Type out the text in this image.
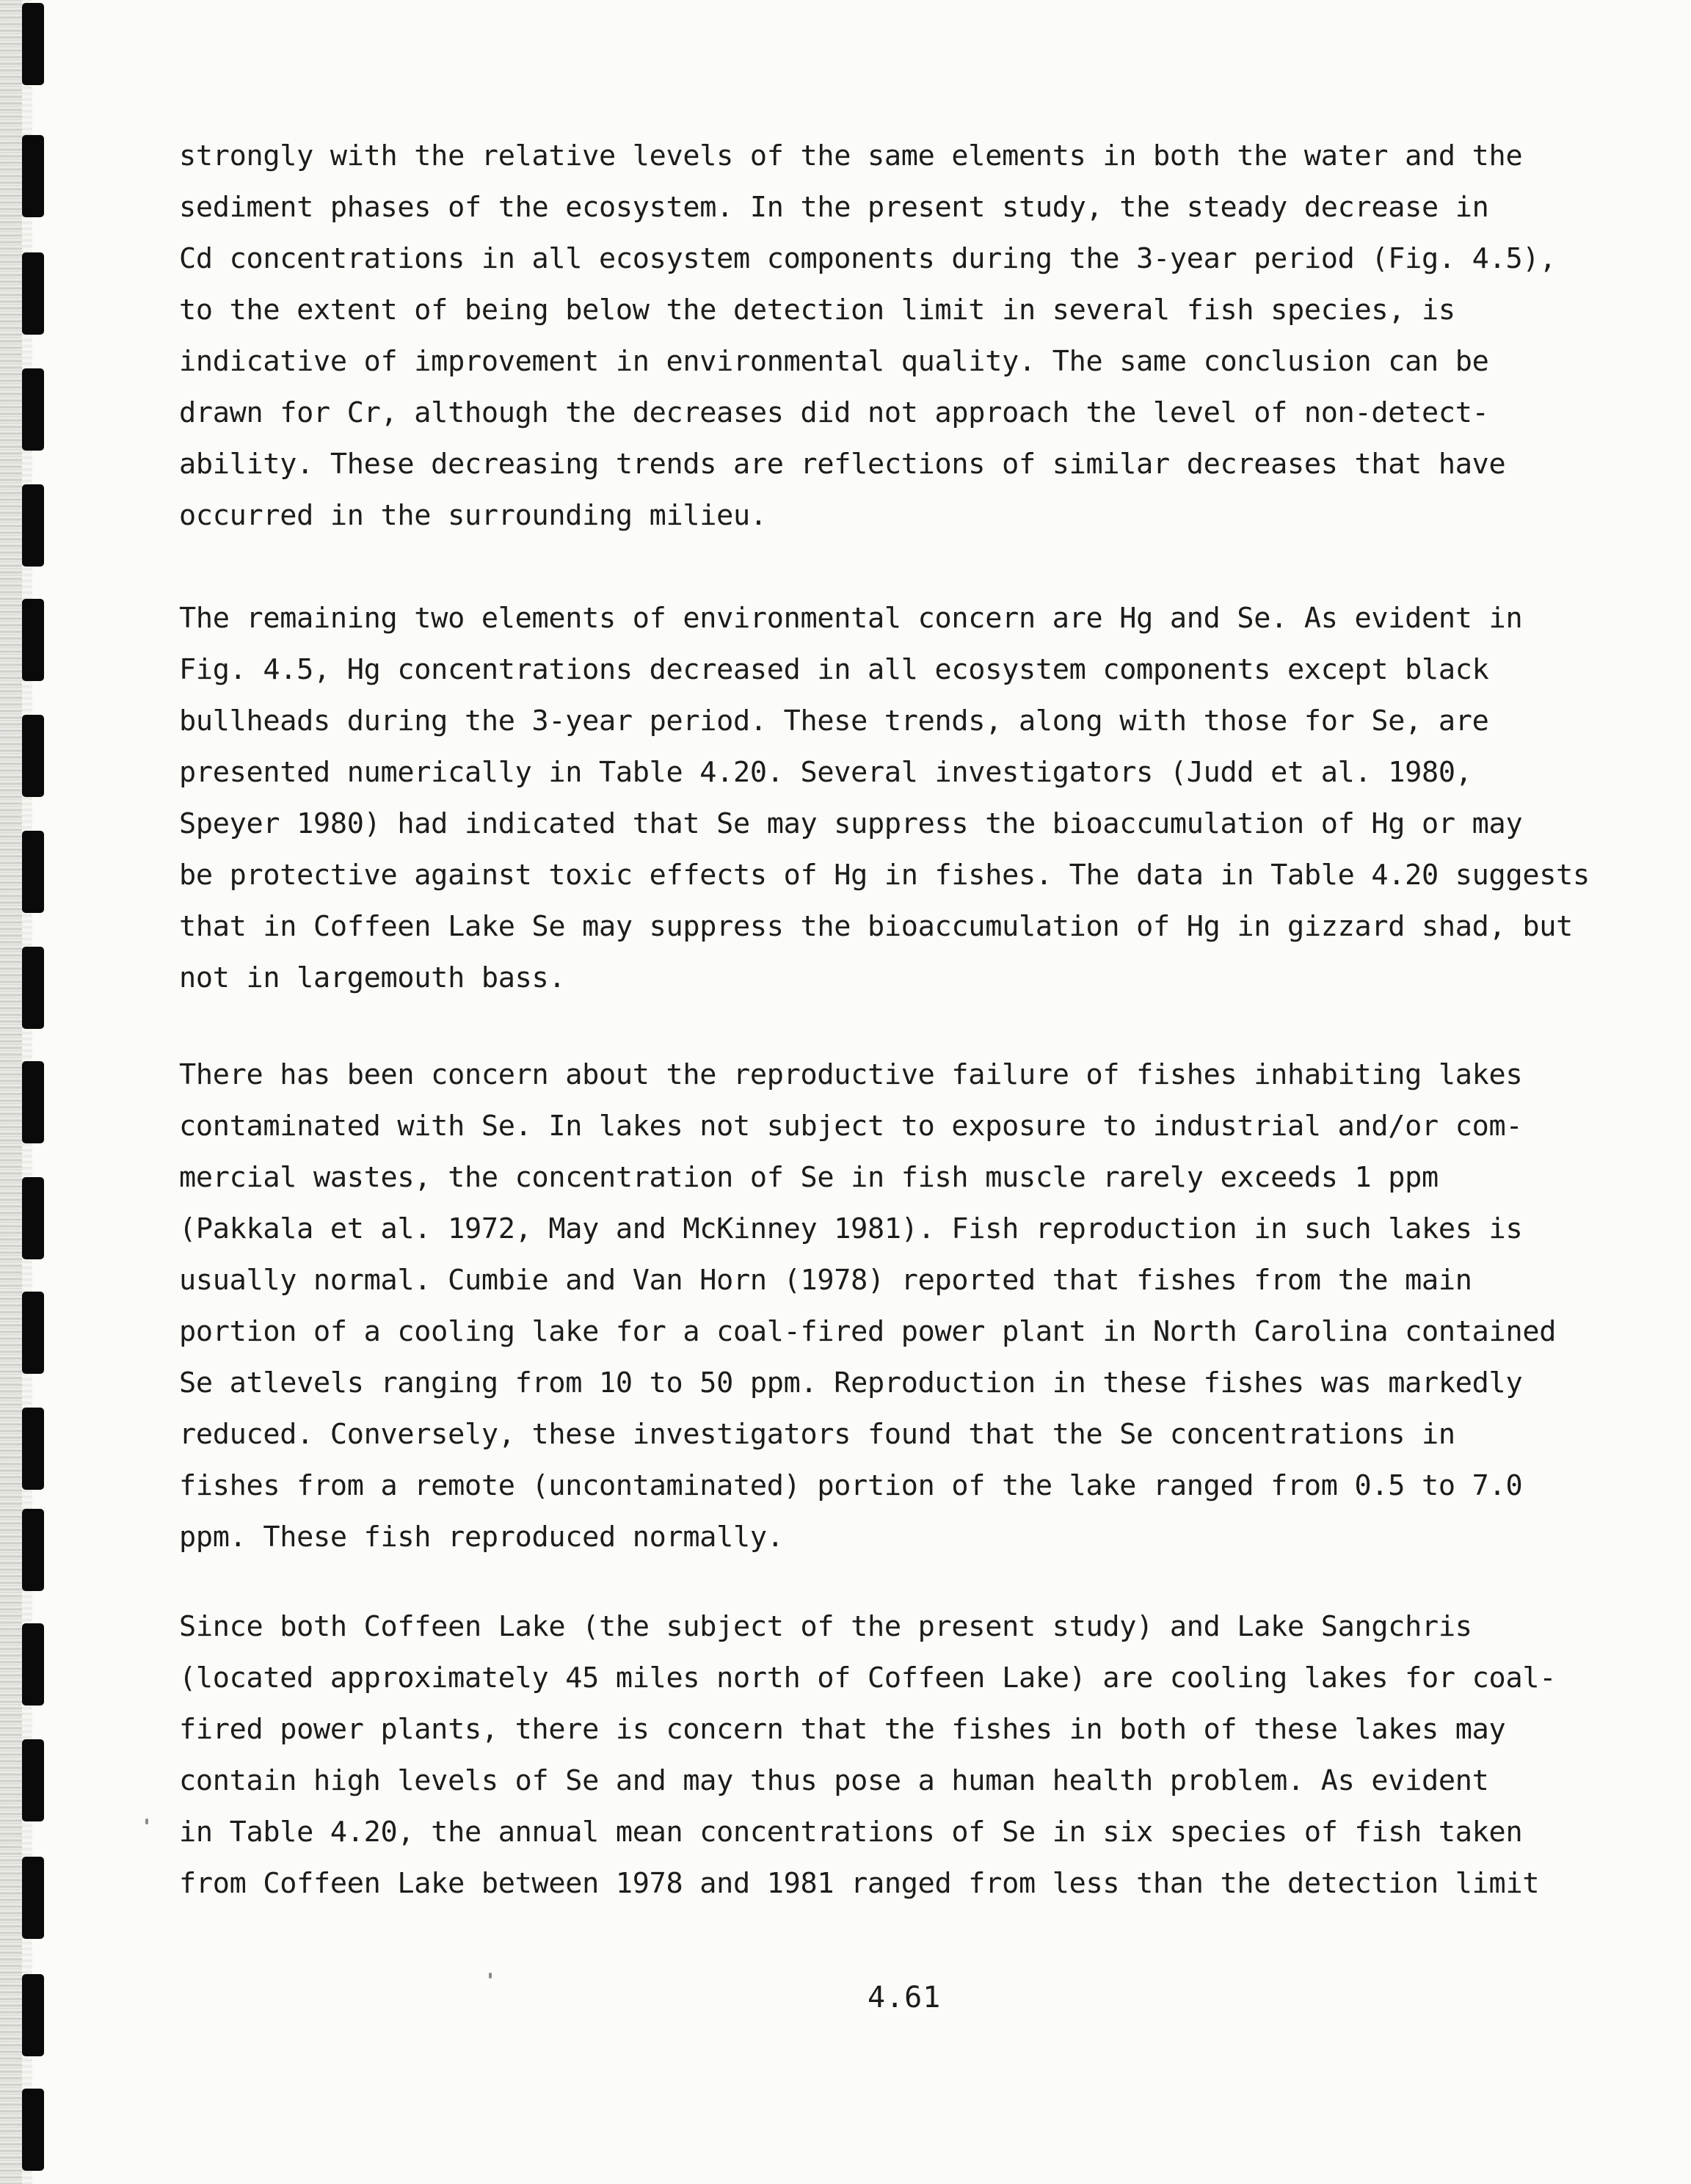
strongly with the relative levels of the same elements in both the water and the
sediment phases of the ecosystem. In the present study, the steady decrease in
Cd concentrations in all ecosystem components during the 3-year period (Fig. 4.5),
to the extent of being below the detection limit in several fish species, is
indicative of improvement in environmental quality. The same conclusion can be
drawn for Cr, although the decreases did not approach the level of non-detect-
ability. These decreasing trends are reflections of similar decreases that have
occurred in the surrounding milieu.
The remaining two elements of environmental concern are Hg and Se. As evident in
Fig. 4.5, Hg concentrations decreased in all ecosystem components except black
bullheads during the 3-year period. These trends, along with those for Se, are
presented numerically in Table 4.20. Several investigators (Judd et al. 1980,
Speyer 1980) had indicated that Se may suppress the bioaccumulation of Hg or may
be protective against toxic effects of Hg in fishes. The data in Table 4.20 suggests
that in Coffeen Lake Se may suppress the bioaccumulation of Hg in gizzard shad, but
not in largemouth bass.
There has been concern about the reproductive failure of fishes inhabiting lakes
contaminated with Se. In lakes not subject to exposure to industrial and/or com-
mercial wastes, the concentration of Se in fish muscle rarely exceeds 1 ppm
(Pakkala et al. 1972, May and McKinney 1981). Fish reproduction in such lakes is
usually normal. Cumbie and Van Horn (1978) reported that fishes from the main
portion of a cooling lake for a coal-fired power plant in North Carolina contained
Se atlevels ranging from 10 to 50 ppm. Reproduction in these fishes was markedly
reduced. Conversely, these investigators found that the Se concentrations in
fishes from a remote (uncontaminated) portion of the lake ranged from 0.5 to 7.0
ppm. These fish reproduced normally.
Since both Coffeen Lake (the subject of the present study) and Lake Sangchris
(located approximately 45 miles north of Coffeen Lake) are cooling lakes for coal-
fired power plants, there is concern that the fishes in both of these lakes may
contain high levels of Se and may thus pose a human health problem. As evident
in Table 4.20, the annual mean concentrations of Se in six species of fish taken
from Coffeen Lake between 1978 and 1981 ranged from less than the detection limit
4.61
